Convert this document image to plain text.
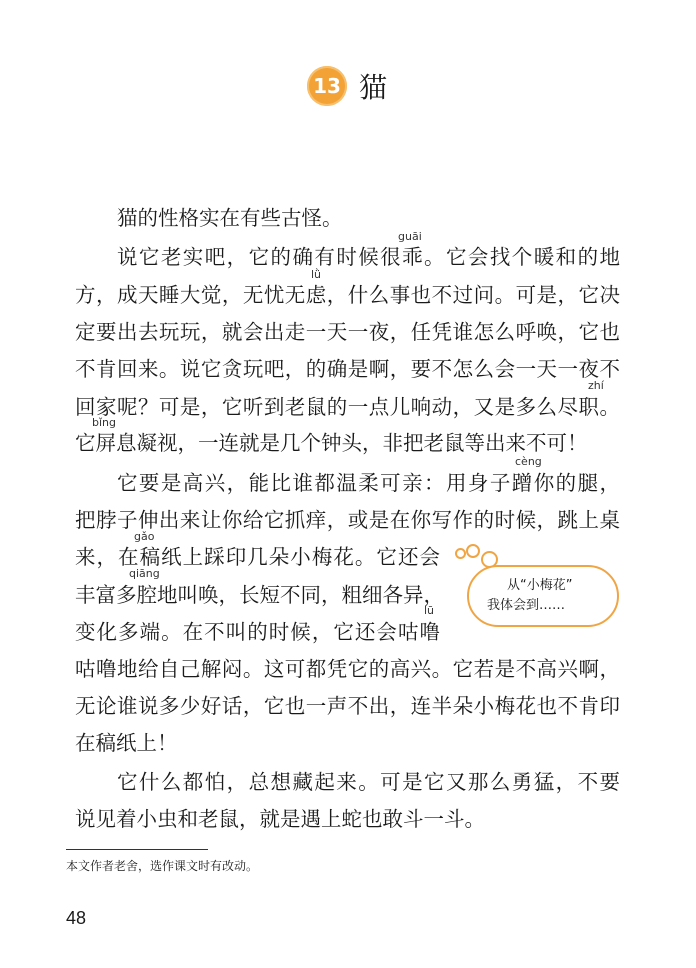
13 猫
猫的性格实在有些古怪。
guāi
说它老实吧，它的确有时候很乖。它会找个暖和的地
lǜ
方，成天睡大觉，无忧无虑，什么事也不过问。可是，它决
定要出去玩玩，就会出走一天一夜，任凭谁怎么呼唤，它也
不肯回来。说它贪玩吧，的确是啊，要不怎么会一天一夜不
zhí
回家呢？可是，它听到老鼠的一点儿响动，又是多么尽职。
bǐng
它屏息凝视，一连就是几个钟头，非把老鼠等出来不可！
cèng
它要是高兴，能比谁都温柔可亲：用身子蹭你的腿，
把脖子伸出来让你给它抓痒，或是在你写作的时候，跳上桌
gǎo
来，在稿纸上踩印几朵小梅花。它还会
qiāng
丰富多腔地叫唤，长短不同，粗细各异，
lū
变化多端。在不叫的时候，它还会咕噜
咕噜地给自己解闷。这可都凭它的高兴。它若是不高兴啊，
无论谁说多少好话，它也一声不出，连半朵小梅花也不肯印
在稿纸上！
它什么都怕，总想藏起来。可是它又那么勇猛，不要
说见着小虫和老鼠，就是遇上蛇也敢斗一斗。
从“小梅花”
我体会到……
本文作者老舍，选作课文时有改动。
48
